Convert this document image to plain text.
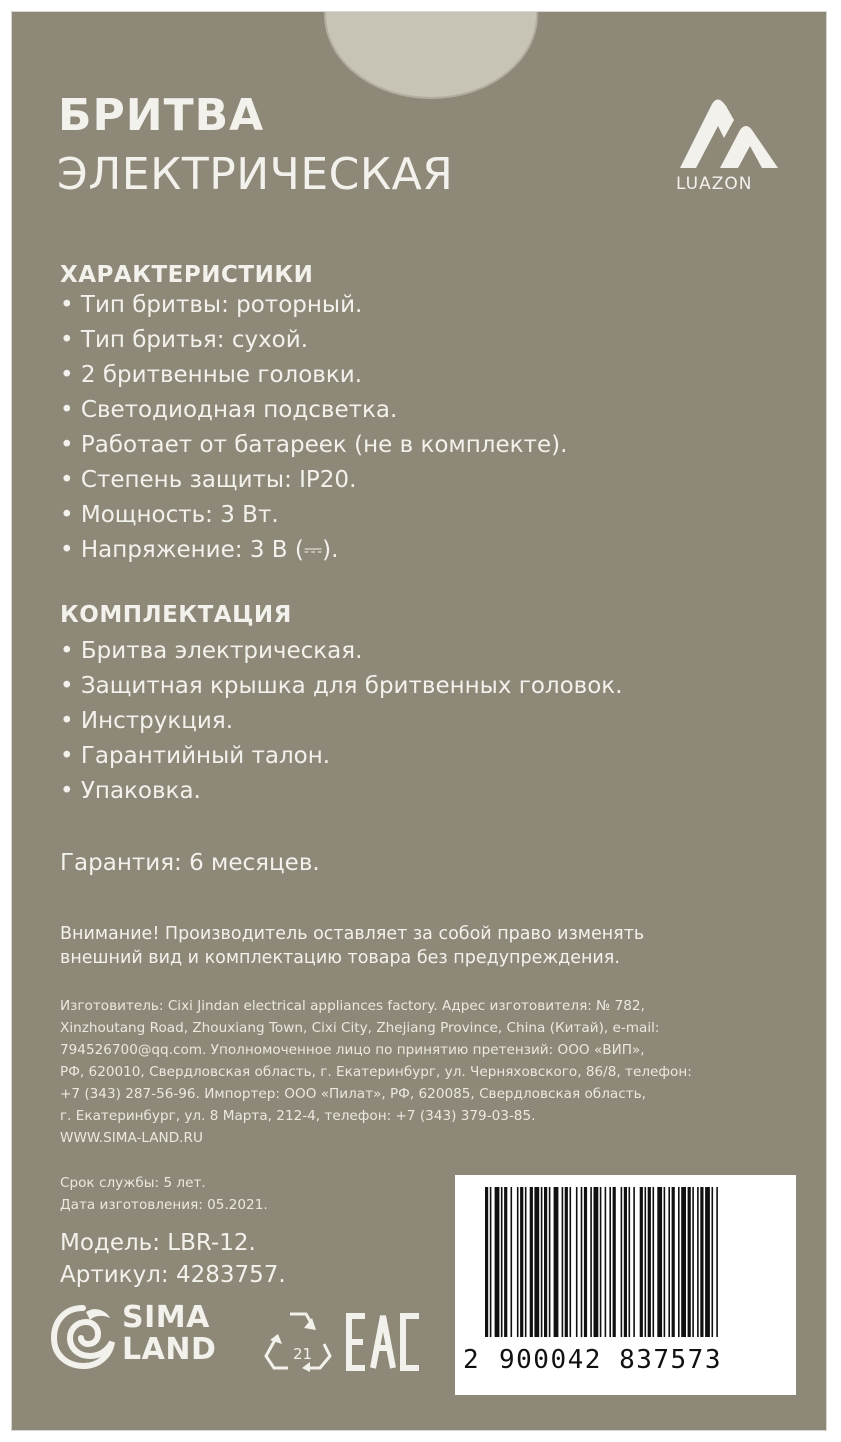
БРИТВА
ЭЛЕКТРИЧЕСКАЯ	LUAZON
ХАРАКТЕРИСТИКИ
• Тип бритвы: роторный.
• Тип бритья: сухой.
• 2 бритвенные головки.
• Светодиодная подсветка.
• Работает от батареек (не в комплекте).
• Степень защиты: IP20.
• Мощность: 3 Вт.
• Напряжение: 3 В (⎓).
КОМПЛЕКТАЦИЯ
• Бритва электрическая.
• Защитная крышка для бритвенных головок.
• Инструкция.
• Гарантийный талон.
• Упаковка.
Гарантия: 6 месяцев.
Внимание! Производитель оставляет за собой право изменять
внешний вид и комплектацию товара без предупреждения.
Изготовитель: Cixi Jindan electrical appliances factory. Адрес изготовителя: № 782,
Xinzhoutang Road, Zhouxiang Town, Cixi City, Zhejiang Province, China (Китай), e-mail:
794526700@qq.com. Уполномоченное лицо по принятию претензий: ООО «ВИП»,
РФ, 620010, Свердловская область, г. Екатеринбург, ул. Черняховского, 86/8, телефон:
+7 (343) 287-56-96. Импортер: ООО «Пилат», РФ, 620085, Свердловская область,
г. Екатеринбург, ул. 8 Марта, 212-4, телефон: +7 (343) 379-03-85.
WWW.SIMA-LAND.RU
Срок службы: 5 лет.
Дата изготовления: 05.2021.
Модель: LBR-12.
Артикул: 4283757.
SIMA
LAND	21	2 900042 837573
